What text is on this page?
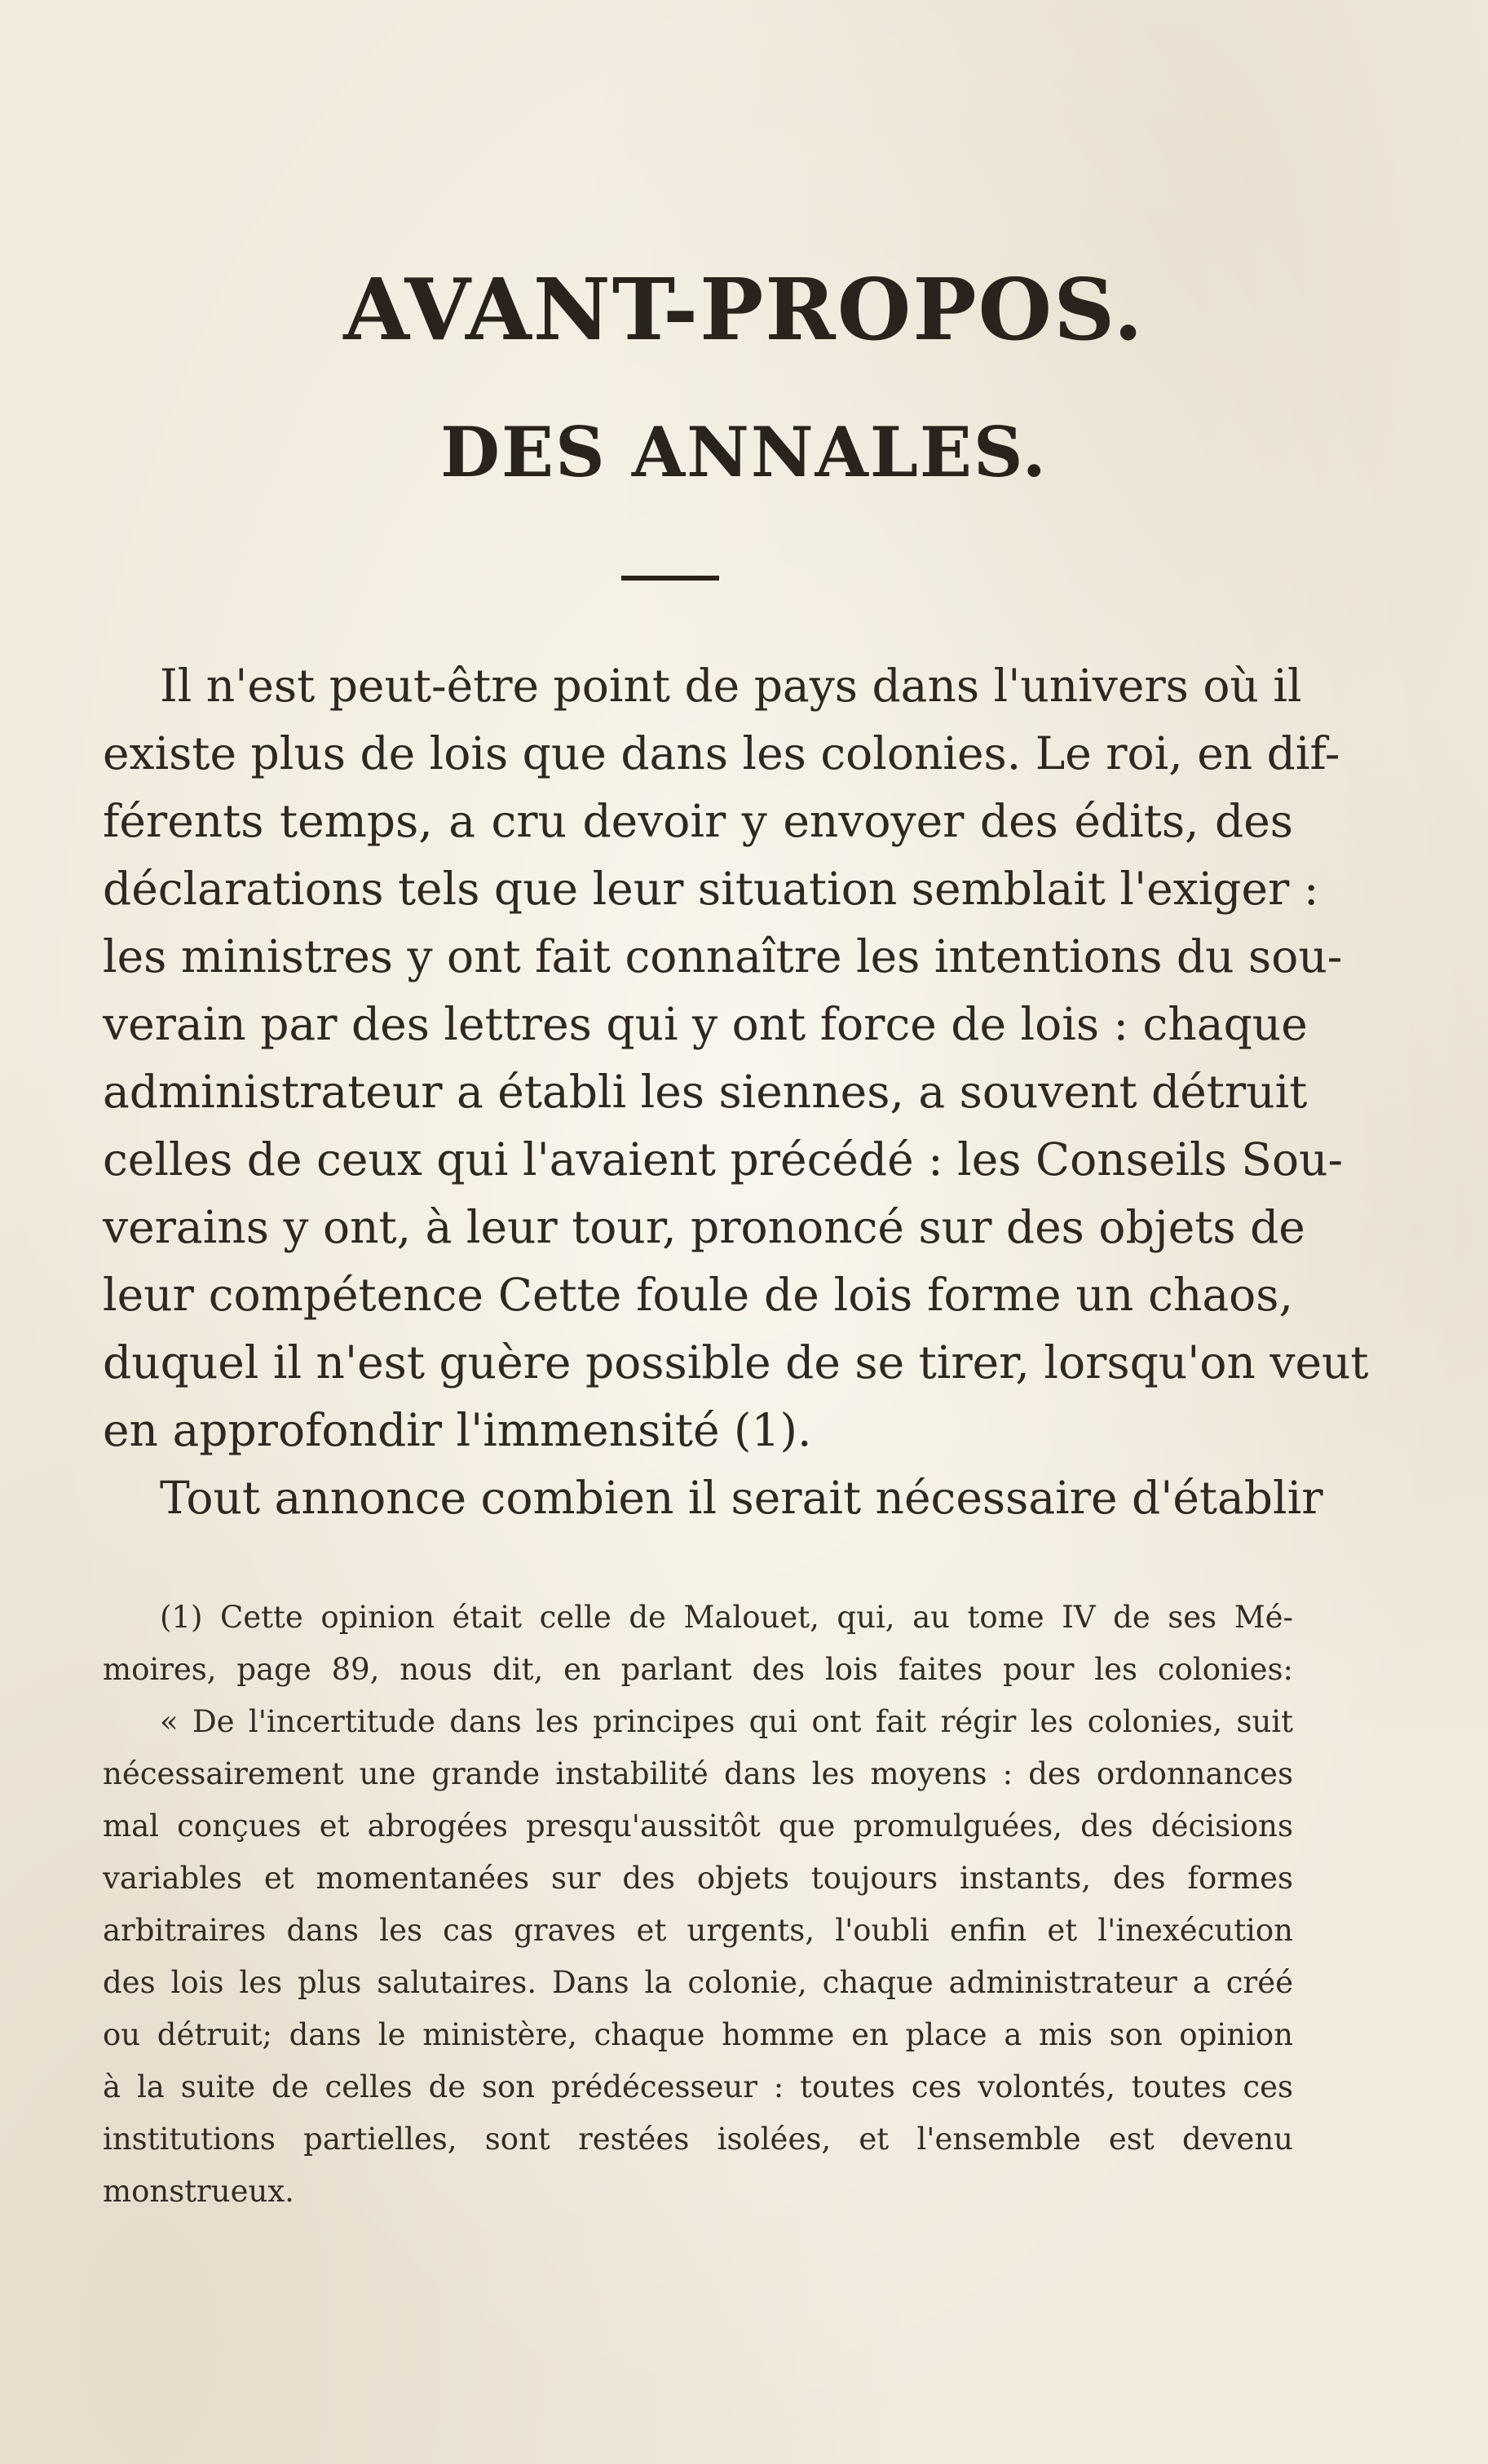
AVANT-PROPOS.
DES ANNALES.
Il n'est peut-être point de pays dans l'univers où il
existe plus de lois que dans les colonies. Le roi, en dif-
férents temps, a cru devoir y envoyer des édits, des
déclarations tels que leur situation semblait l'exiger :
les ministres y ont fait connaître les intentions du sou-
verain par des lettres qui y ont force de lois : chaque
administrateur a établi les siennes, a souvent détruit
celles de ceux qui l'avaient précédé : les Conseils Sou-
verains y ont, à leur tour, prononcé sur des objets de
leur compétence Cette foule de lois forme un chaos,
duquel il n'est guère possible de se tirer, lorsqu'on veut
en approfondir l'immensité (1).
Tout annonce combien il serait nécessaire d'établir
(1) Cette opinion était celle de Malouet, qui, au tome IV de ses Mé-
moires, page 89, nous dit, en parlant des lois faites pour les colonies:
« De l'incertitude dans les principes qui ont fait régir les colonies, suit
nécessairement une grande instabilité dans les moyens : des ordonnances
mal conçues et abrogées presqu'aussitôt que promulguées, des décisions
variables et momentanées sur des objets toujours instants, des formes
arbitraires dans les cas graves et urgents, l'oubli enfin et l'inexécution
des lois les plus salutaires. Dans la colonie, chaque administrateur a créé
ou détruit; dans le ministère, chaque homme en place a mis son opinion
à la suite de celles de son prédécesseur : toutes ces volontés, toutes ces
institutions partielles, sont restées isolées, et l'ensemble est devenu
monstrueux.
